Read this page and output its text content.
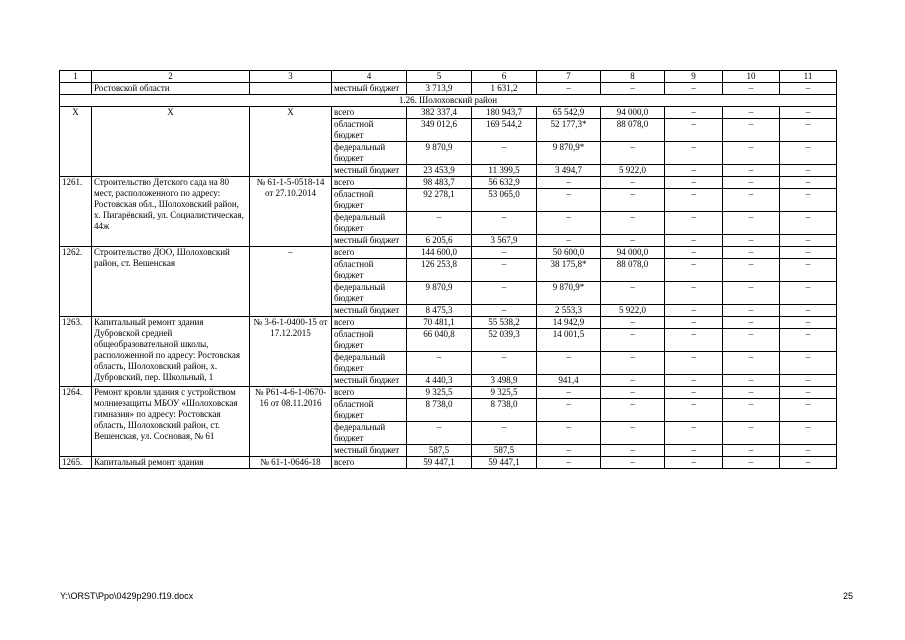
1	2	3	4	5	6	7	8	9	10	11
	Ростовской области		местный бюджет	3 713,9	1 631,2	–	–	–	–	–
1.26. Шолоховский район										
Х	Х	Х	всего	382 337,4	180 943,7	65 542,9	94 000,0	–	–	–
			областной бюджет	349 012,6	169 544,2	52 177,3*	88 078,0	–	–	–
			федеральный бюджет	9 870,9	–	9 870,9*	–	–	–	–
			местный бюджет	23 453,9	11 399,5	3 494,7	5 922,0	–	–	–
1261.	Строительство Детского сада на 80 мест, расположенного по адресу: Ростовская обл., Шолоховский район, х. Пигарёвский, ул. Социалистическая, 44ж	№ 61-1-5-0518-14 от 27.10.2014	всего	98 483,7	56 632,9	–	–	–	–	–
			областной бюджет	92 278,1	53 065,0	–	–	–	–	–
			федеральный бюджет	–	–	–	–	–	–	–
			местный бюджет	6 205,6	3 567,9	–	–	–	–	–
1262.	Строительство ДОО, Шолоховский район, ст. Вешенская	–	всего	144 600,0	–	50 600,0	94 000,0	–	–	–
			областной бюджет	126 253,8	–	38 175,8*	88 078,0	–	–	–
			федеральный бюджет	9 870,9	–	9 870,9*	–	–	–	–
			местный бюджет	8 475,3	–	2 553,3	5 922,0	–	–	–
1263.	Капитальный ремонт здания Дубровской средней общеобразовательной школы, расположенной по адресу: Ростовская область, Шолоховский район, х. Дубровский, пер. Школьный, 1	№ 3-6-1-0400-15 от 17.12.2015	всего	70 481,1	55 538,2	14 942,9	–	–	–	–
			областной бюджет	66 040,8	52 039,3	14 001,5	–	–	–	–
			федеральный бюджет	–	–	–	–	–	–	–
			местный бюджет	4 440,3	3 498,9	941,4	–	–	–	–
1264.	Ремонт кровли здания с устройством молниезащиты МБОУ «Шолоховская гимназия» по адресу: Ростовская область, Шолоховский район, ст. Вешенская, ул. Сосновая, № 61	№ Р61-4-6-1-0670-16 от 08.11.2016	всего	9 325,5	9 325,5	–	–	–	–	–
			областной бюджет	8 738,0	8 738,0	–	–	–	–	–
			федеральный бюджет	–	–	–	–	–	–	–
			местный бюджет	587,5	587,5	–	–	–	–	–
1265.	Капитальный ремонт здания	№ 61-1-0646-18	всего	59 447,1	59 447,1	–	–	–	–	–
Y:\ORST\Ppo\0429p290.f19.docx	25
